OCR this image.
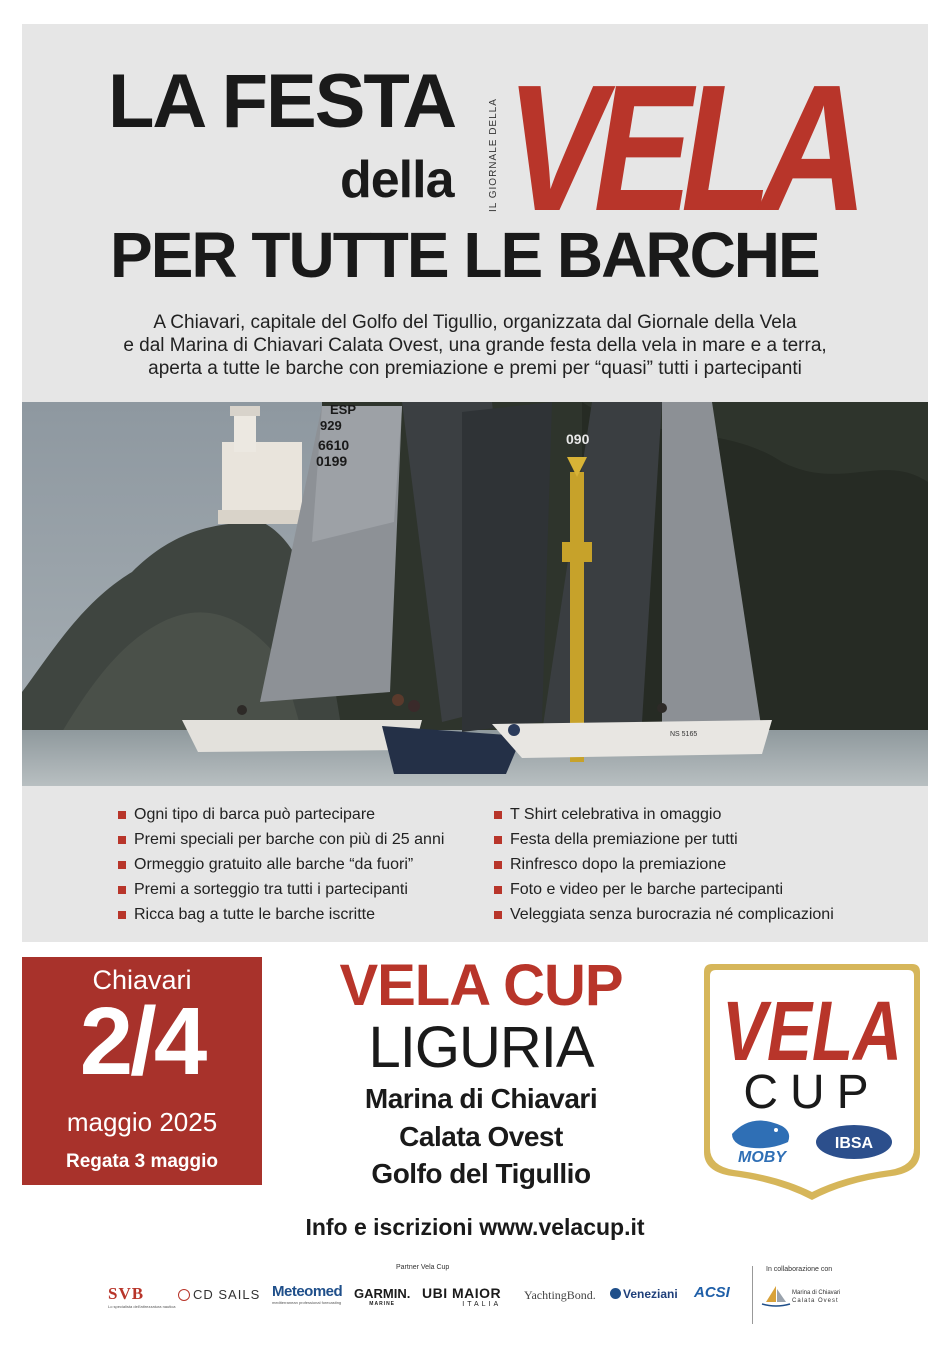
LA FESTA
della
PER TUTTE LE BARCHE
VELA
IL GIORNALE DELLA
A Chiavari, capitale del Golfo del Tigullio, organizzata dal Giornale della Vela
e dal Marina di Chiavari Calata Ovest, una grande festa della vela in mare e a terra,
aperta a tutte le barche con premiazione e premi per “quasi” tutti i partecipanti
ESP
929
6610
0199
090
NS 5165
Ogni tipo di barca può partecipare
Premi speciali per barche con più di 25 anni
Ormeggio gratuito alle barche “da fuori”
Premi a sorteggio tra tutti i partecipanti
Ricca bag a tutte le barche iscritte
T Shirt celebrativa in omaggio
Festa della premiazione per tutti
Rinfresco dopo la premiazione
Foto e video per le barche partecipanti
Veleggiata senza burocrazia né complicazioni
Chiavari
2/4
maggio 2025
Regata 3 maggio
VELA CUP
LIGURIA
Marina di Chiavari
Calata Ovest
Golfo del Tigullio
VELA
CUP
MOBY
IBSA
Info e iscrizioni www.velacup.it
Partner Vela Cup
SVB
Lo specialista dell'attrezzatura nautica
CD SAILS Meteomed
mediterranean professional forecasting
GARMIN.
MARINE
UBI MAIOR
ITALIA
YachtingBond.	Veneziani ACSI
In collaborazione con
Marina di Chiavari
Calata Ovest
